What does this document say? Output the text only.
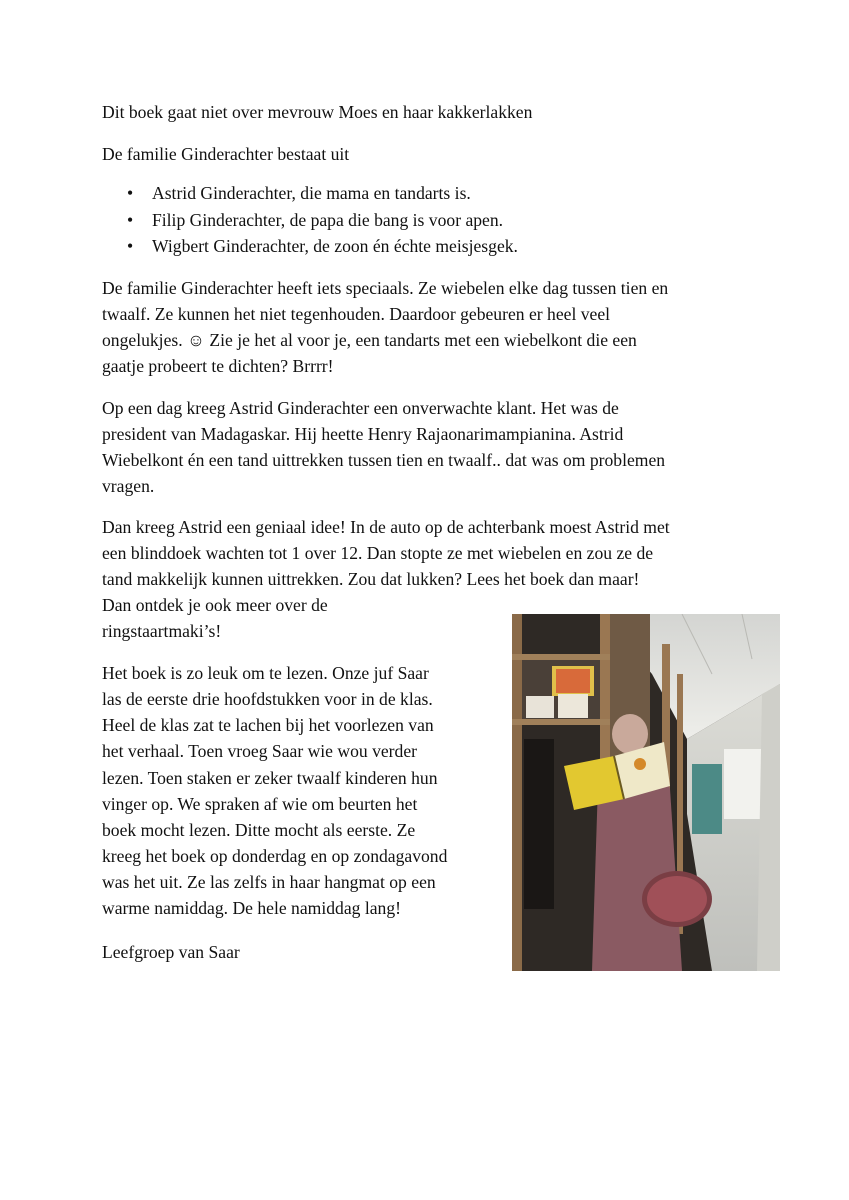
Dit boek gaat niet over mevrouw Moes en haar kakkerlakken

De familie Ginderachter bestaat uit

• Astrid Ginderachter, die mama en tandarts is.
• Filip Ginderachter, de papa die bang is voor apen.
• Wigbert Ginderachter, de zoon én échte meisjesgek.

De familie Ginderachter heeft iets speciaals. Ze wiebelen elke dag tussen tien en

twaalf. Ze kunnen het niet tegenhouden. Daardoor gebeuren er heel veel

ongelukjes. ☺ Zie je het al voor je, een tandarts met een wiebelkont die een

gaatje probeert te dichten? Brrrr!

Op een dag kreeg Astrid Ginderachter een onverwachte klant. Het was de

president van Madagaskar. Hij heette Henry Rajaonarimampianina. Astrid

Wiebelkont én een tand uittrekken tussen tien en twaalf.. dat was om problemen

vragen.

Dan kreeg Astrid een geniaal idee! In de auto op de achterbank moest Astrid met

een blinddoek wachten tot 1 over 12. Dan stopte ze met wiebelen en zou ze de

tand makkelijk kunnen uittrekken. Zou dat lukken? Lees het boek dan maar!

Dan ontdek je ook meer over de

ringstaartmaki’s!

Het boek is zo leuk om te lezen. Onze juf Saar

las de eerste drie hoofdstukken voor in de klas.

Heel de klas zat te lachen bij het voorlezen van

het verhaal. Toen vroeg Saar wie wou verder

lezen. Toen staken er zeker twaalf kinderen hun

vinger op. We spraken af wie om beurten het

boek mocht lezen. Ditte mocht als eerste. Ze

kreeg het boek op donderdag en op zondagavond

was het uit. Ze las zelfs in haar hangmat op een

warme namiddag. De hele namiddag lang!

Leefgroep van Saar
